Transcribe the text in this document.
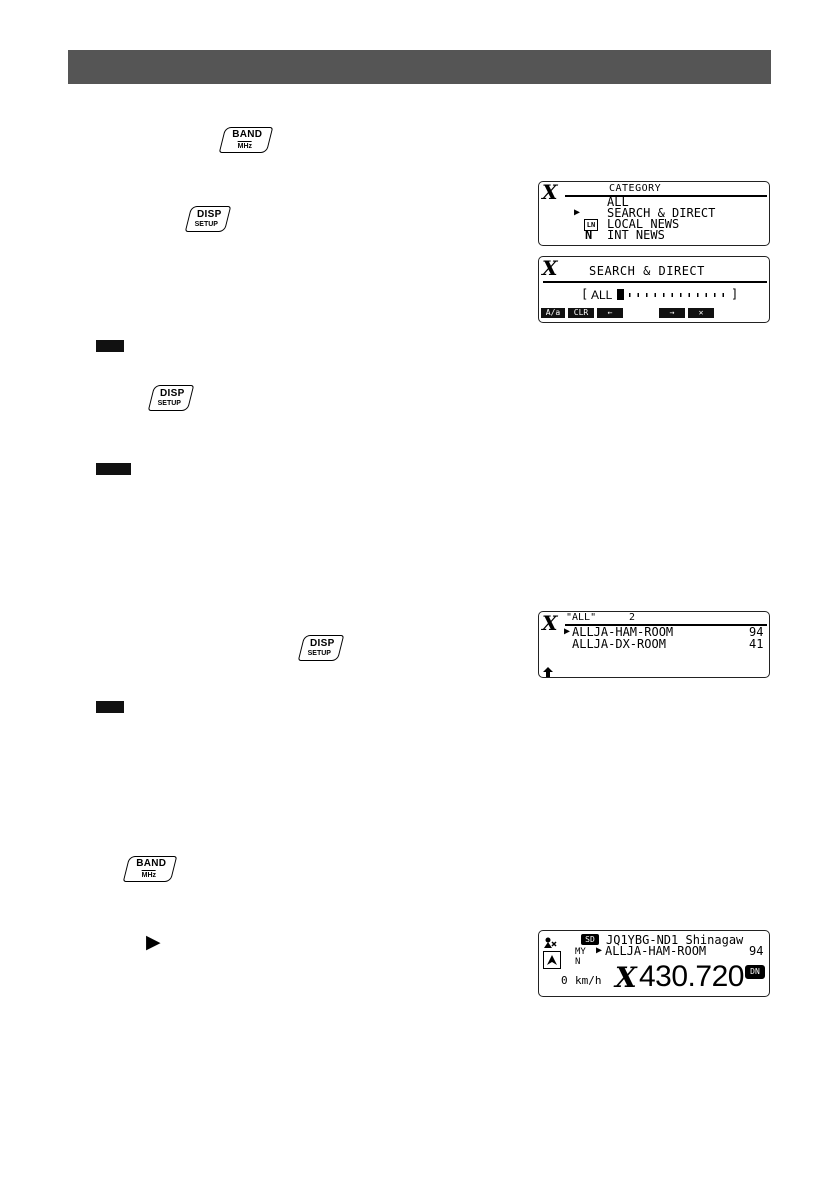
BAND
MHz
DISP
SETUP
X	CATEGORY
ALL
▶ SEARCH & DIRECT
LN LOCAL NEWS
N INT NEWS
X	SEARCH & DIRECT
[ ALL	]
A/a	CLR	←	→	✕
DISP
SETUP
DISP
SETUP
X "ALL"	2
▶ ALLJA-HAM-ROOM	94
ALLJA-DX-ROOM	41
BAND
MHz
▶	SD JQ1YBG-ND1 Shinagaw
MY ▶ ALLJA-HAM-ROOM	94
N
0 km/h X 430.720 DN
